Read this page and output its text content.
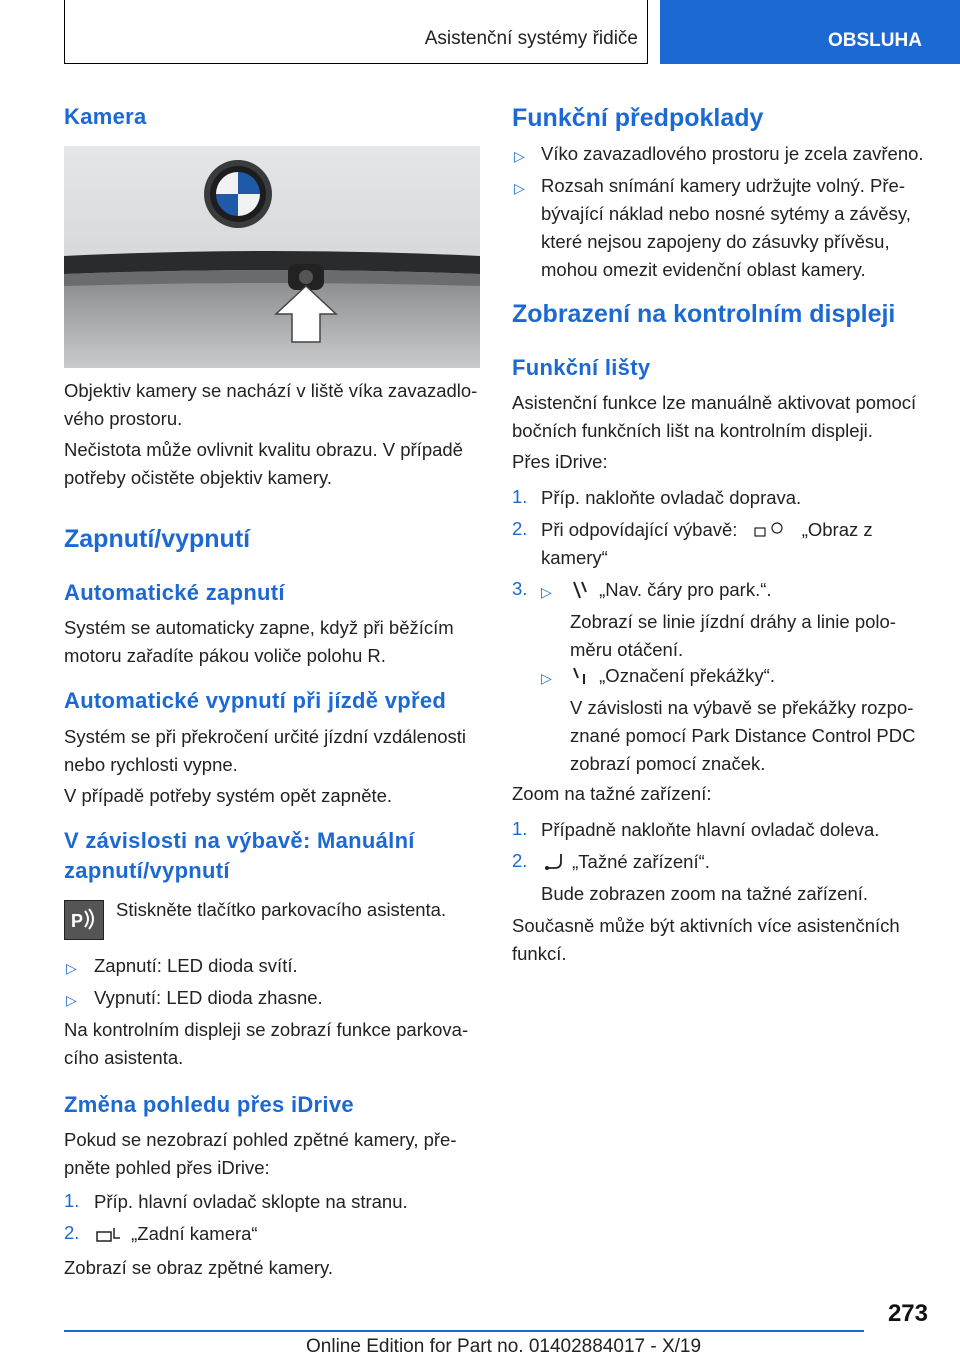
Asistenční systémy řidiče	OBSLUHA
Kamera
Objektiv kamery se nachází v liště víka zavazadlo-
vého prostoru.
Nečistota může ovlivnit kvalitu obrazu. V případě
potřeby očistěte objektiv kamery.
Zapnutí/vypnutí
Automatické zapnutí
Systém se automaticky zapne, když při běžícím
motoru zařadíte pákou voliče polohu R.
Automatické vypnutí při jízdě vpřed
Systém se při překročení určité jízdní vzdálenosti
nebo rychlosti vypne.
V případě potřeby systém opět zapněte.
V závislosti na výbavě: Manuální
zapnutí/vypnutí
P
Stiskněte tlačítko parkovacího asistenta.
▷ Zapnutí: LED dioda svítí.
▷ Vypnutí: LED dioda zhasne.
Na kontrolním displeji se zobrazí funkce parkova-
cího asistenta.
Změna pohledu přes iDrive
Pokud se nezobrazí pohled zpětné kamery, pře-
pněte pohled přes iDrive:
1. Příp. hlavní ovladač sklopte na stranu.
2.	„Zadní kamera“
Zobrazí se obraz zpětné kamery.
Funkční předpoklady
▷ Víko zavazadlového prostoru je zcela zavřeno.
▷ Rozsah snímání kamery udržujte volný. Pře-
bývající náklad nebo nosné sytémy a závěsy,
které nejsou zapojeny do zásuvky přívěsu,
mohou omezit evidenční oblast kamery.
Zobrazení na kontrolním displeji
Funkční lišty
Asistenční funkce lze manuálně aktivovat pomocí
bočních funkčních lišt na kontrolním displeji.
Přes iDrive:
1. Příp. nakloňte ovladač doprava.
2. Při odpovídající výbavě:	„Obraz z
kamery“
3. ▷	„Nav. čáry pro park.“.
Zobrazí se linie jízdní dráhy a linie polo-
měru otáčení.
▷	„Označení překážky“.
V závislosti na výbavě se překážky rozpo-
znané pomocí Park Distance Control PDC
zobrazí pomocí značek.
Zoom na tažné zařízení:
1. Případně nakloňte hlavní ovladač doleva.
2.	„Tažné zařízení“.
Bude zobrazen zoom na tažné zařízení.
Současně může být aktivních více asistenčních
funkcí.
273
Online Edition for Part no. 01402884017 - X/19
